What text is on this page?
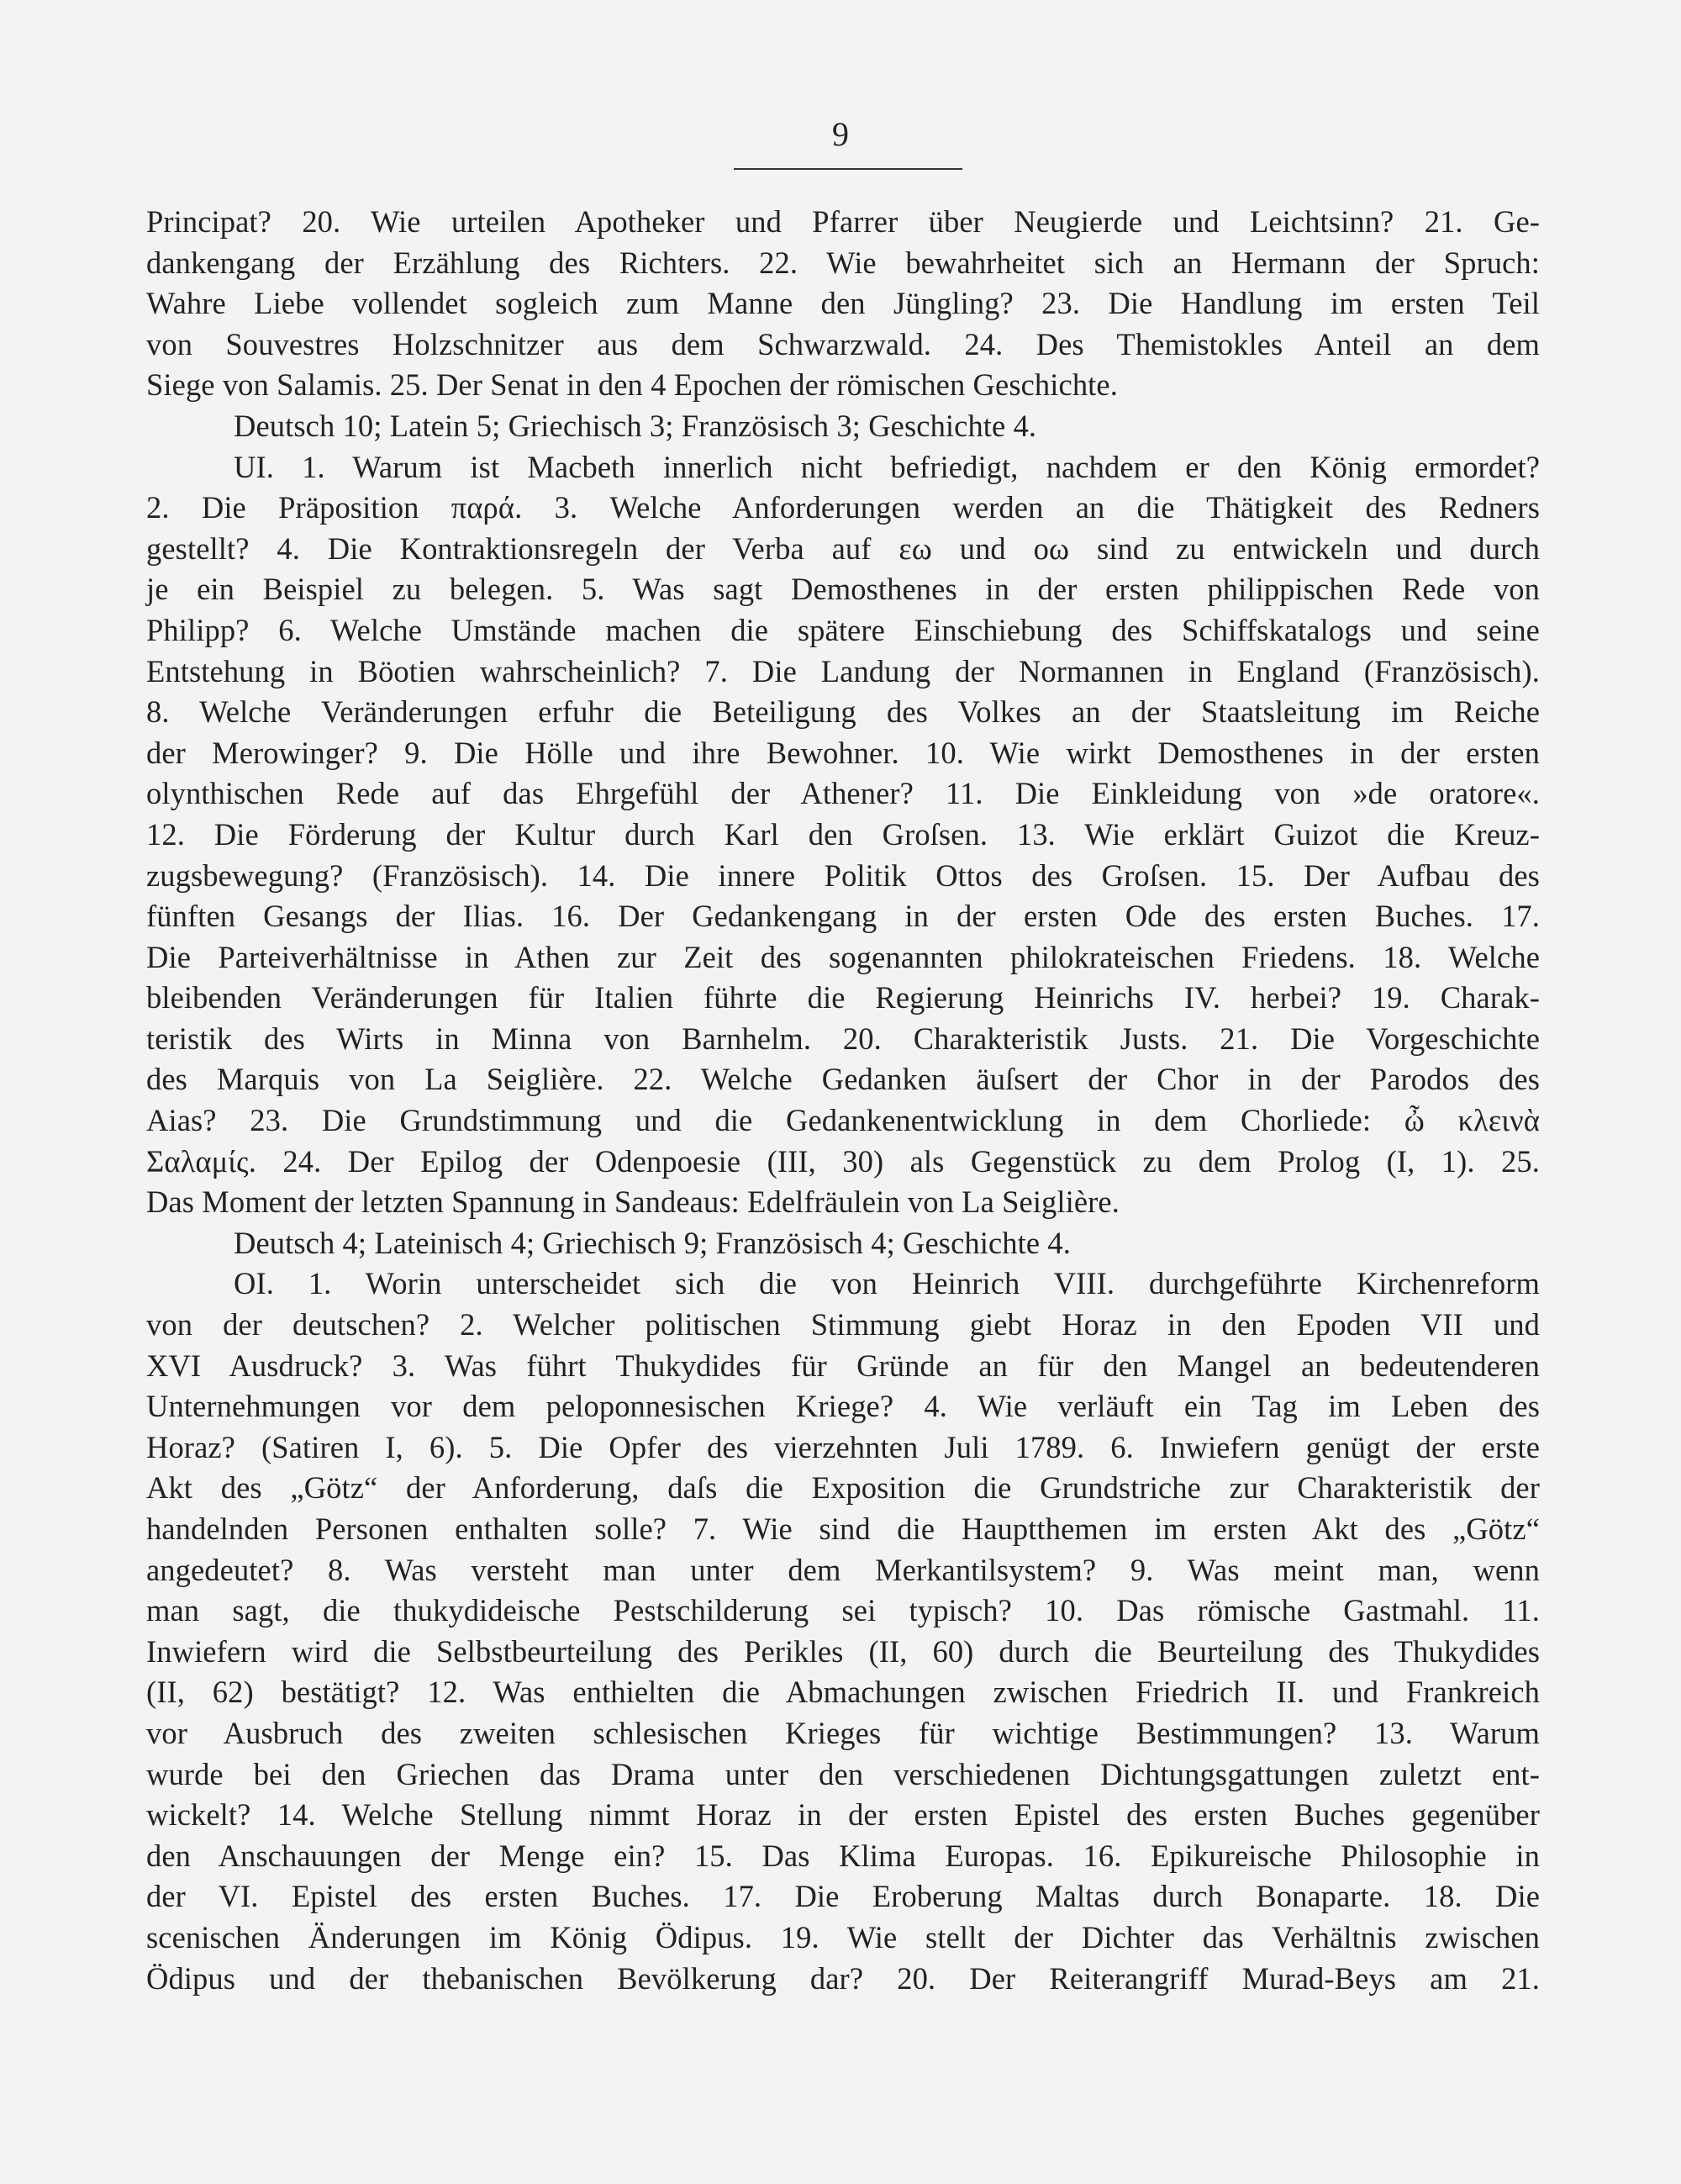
9

Principat? 20. Wie urteilen Apotheker und Pfarrer über Neugierde und Leichtsinn? 21. Ge-

dankengang der Erzählung des Richters. 22. Wie bewahrheitet sich an Hermann der Spruch:

Wahre Liebe vollendet sogleich zum Manne den Jüngling? 23. Die Handlung im ersten Teil

von Souvestres Holzschnitzer aus dem Schwarzwald. 24. Des Themistokles Anteil an dem

Siege von Salamis. 25. Der Senat in den 4 Epochen der römischen Geschichte.

Deutsch 10; Latein 5; Griechisch 3; Französisch 3; Geschichte 4.

UI. 1. Warum ist Macbeth innerlich nicht befriedigt, nachdem er den König ermordet?

2. Die Präposition παρά. 3. Welche Anforderungen werden an die Thätigkeit des Redners

gestellt? 4. Die Kontraktionsregeln der Verba auf εω und οω sind zu entwickeln und durch

je ein Beispiel zu belegen. 5. Was sagt Demosthenes in der ersten philippischen Rede von

Philipp? 6. Welche Umstände machen die spätere Einschiebung des Schiffskatalogs und seine

Entstehung in Böotien wahrscheinlich? 7. Die Landung der Normannen in England (Französisch).

8. Welche Veränderungen erfuhr die Beteiligung des Volkes an der Staatsleitung im Reiche

der Merowinger? 9. Die Hölle und ihre Bewohner. 10. Wie wirkt Demosthenes in der ersten

olynthischen Rede auf das Ehrgefühl der Athener? 11. Die Einkleidung von »de oratore«.

12. Die Förderung der Kultur durch Karl den Groſsen. 13. Wie erklärt Guizot die Kreuz-

zugsbewegung? (Französisch). 14. Die innere Politik Ottos des Groſsen. 15. Der Aufbau des

fünften Gesangs der Ilias. 16. Der Gedankengang in der ersten Ode des ersten Buches. 17.

Die Parteiverhältnisse in Athen zur Zeit des sogenannten philokrateischen Friedens. 18. Welche

bleibenden Veränderungen für Italien führte die Regierung Heinrichs IV. herbei? 19. Charak-

teristik des Wirts in Minna von Barnhelm. 20. Charakteristik Justs. 21. Die Vorgeschichte

des Marquis von La Seiglière. 22. Welche Gedanken äuſsert der Chor in der Parodos des

Aias? 23. Die Grundstimmung und die Gedankenentwicklung in dem Chorliede: ὦ κλεινὰ

Σαλαμίς. 24. Der Epilog der Odenpoesie (III, 30) als Gegenstück zu dem Prolog (I, 1). 25.

Das Moment der letzten Spannung in Sandeaus: Edelfräulein von La Seiglière.

Deutsch 4; Lateinisch 4; Griechisch 9; Französisch 4; Geschichte 4.

OI. 1. Worin unterscheidet sich die von Heinrich VIII. durchgeführte Kirchenreform

von der deutschen? 2. Welcher politischen Stimmung giebt Horaz in den Epoden VII und

XVI Ausdruck? 3. Was führt Thukydides für Gründe an für den Mangel an bedeutenderen

Unternehmungen vor dem peloponnesischen Kriege? 4. Wie verläuft ein Tag im Leben des

Horaz? (Satiren I, 6). 5. Die Opfer des vierzehnten Juli 1789. 6. Inwiefern genügt der erste

Akt des „Götz“ der Anforderung, daſs die Exposition die Grundstriche zur Charakteristik der

handelnden Personen enthalten solle? 7. Wie sind die Hauptthemen im ersten Akt des „Götz“

angedeutet? 8. Was versteht man unter dem Merkantilsystem? 9. Was meint man, wenn

man sagt, die thukydideische Pestschilderung sei typisch? 10. Das römische Gastmahl. 11.

Inwiefern wird die Selbstbeurteilung des Perikles (II, 60) durch die Beurteilung des Thukydides

(II, 62) bestätigt? 12. Was enthielten die Abmachungen zwischen Friedrich II. und Frankreich

vor Ausbruch des zweiten schlesischen Krieges für wichtige Bestimmungen? 13. Warum

wurde bei den Griechen das Drama unter den verschiedenen Dichtungsgattungen zuletzt ent-

wickelt? 14. Welche Stellung nimmt Horaz in der ersten Epistel des ersten Buches gegenüber

den Anschauungen der Menge ein? 15. Das Klima Europas. 16. Epikureische Philosophie in

der VI. Epistel des ersten Buches. 17. Die Eroberung Maltas durch Bonaparte. 18. Die

scenischen Änderungen im König Ödipus. 19. Wie stellt der Dichter das Verhältnis zwischen

Ödipus und der thebanischen Bevölkerung dar? 20. Der Reiterangriff Murad-Beys am 21.
